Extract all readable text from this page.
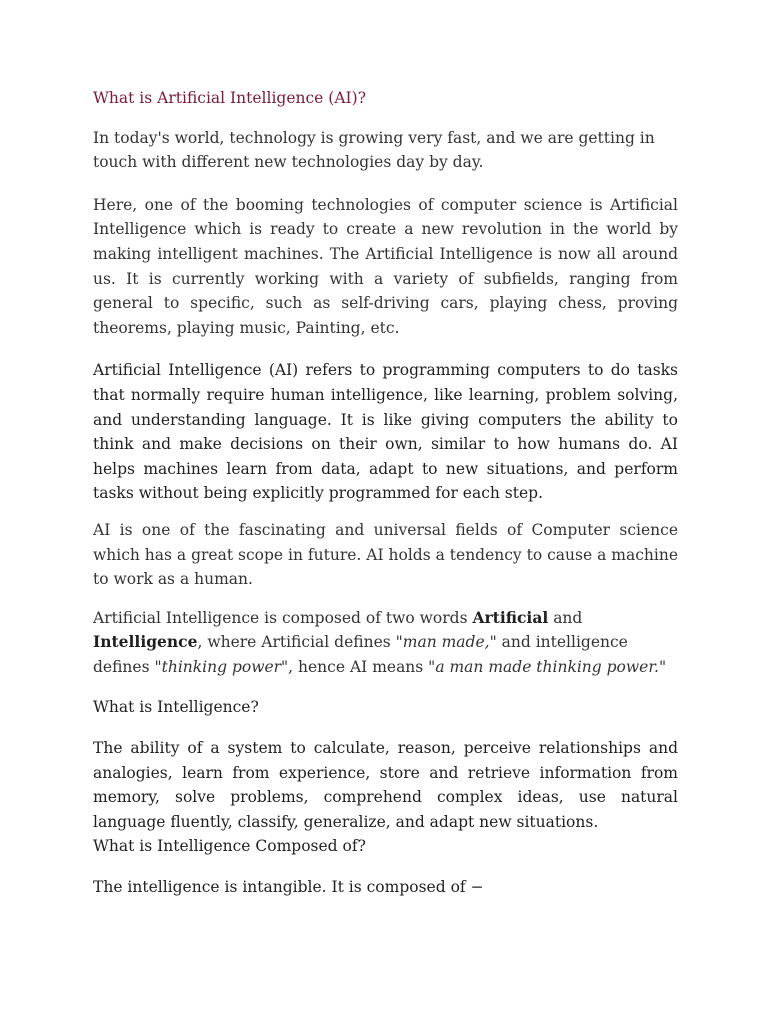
What is Artificial Intelligence (AI)?

In today's world, technology is growing very fast, and we are getting in touch with different new technologies day by day.

Here, one of the booming technologies of computer science is Artificial Intelligence which is ready to create a new revolution in the world by making intelligent machines. The Artificial Intelligence is now all around us. It is currently working with a variety of subfields, ranging from general to specific, such as self-driving cars, playing chess, proving theorems, playing music, Painting, etc.

Artificial Intelligence (AI) refers to programming computers to do tasks that normally require human intelligence, like learning, problem solving, and understanding language. It is like giving computers the ability to think and make decisions on their own, similar to how humans do. AI helps machines learn from data, adapt to new situations, and perform tasks without being explicitly programmed for each step.

AI is one of the fascinating and universal fields of Computer science which has a great scope in future. AI holds a tendency to cause a machine to work as a human.

Artificial Intelligence is composed of two words Artificial and Intelligence, where Artificial defines "man made," and intelligence defines "thinking power", hence AI means "a man made thinking power."

What is Intelligence?

The ability of a system to calculate, reason, perceive relationships and analogies, learn from experience, store and retrieve information from memory, solve problems, comprehend complex ideas, use natural language fluently, classify, generalize, and adapt new situations.

What is Intelligence Composed of?

The intelligence is intangible. It is composed of −
